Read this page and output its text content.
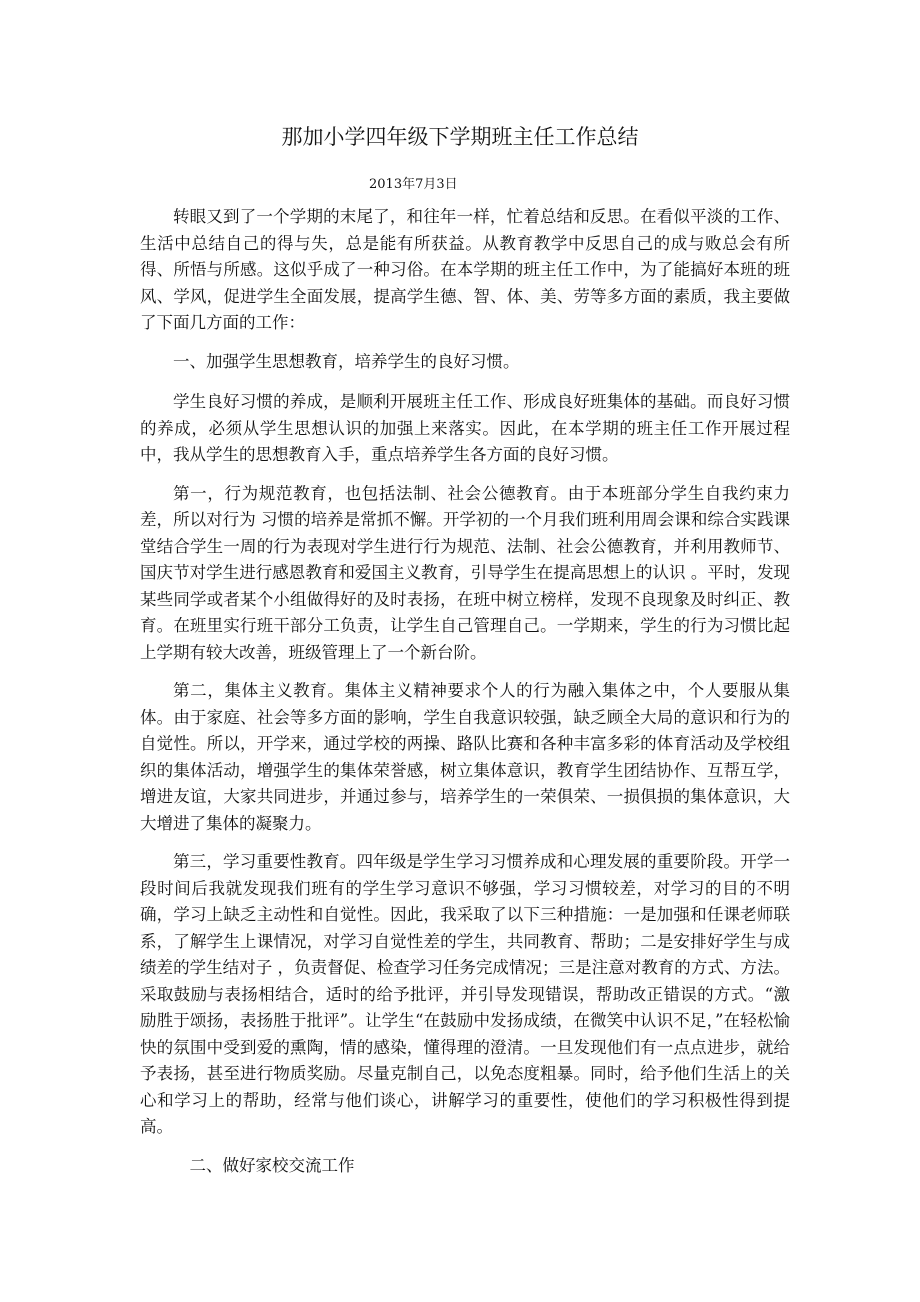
那加小学四年级下学期班主任工作总结
2013年7月3日

转眼又到了一个学期的末尾了，和往年一样，忙着总结和反思。在看似平淡的工作、生活中总结自己的得与失，总是能有所获益。从教育教学中反思自己的成与败总会有所得、所悟与所感。这似乎成了一种习俗。在本学期的班主任工作中，为了能搞好本班的班风、学风，促进学生全面发展，提高学生德、智、体、美、劳等多方面的素质，我主要做了下面几方面的工作：

一、加强学生思想教育，培养学生的良好习惯。

学生良好习惯的养成，是顺利开展班主任工作、形成良好班集体的基础。而良好习惯的养成，必须从学生思想认识的加强上来落实。因此，在本学期的班主任工作开展过程中，我从学生的思想教育入手，重点培养学生各方面的良好习惯。

第一，行为规范教育，也包括法制、社会公德教育。由于本班部分学生自我约束力差，所以对行为 习惯的培养是常抓不懈。开学初的一个月我们班利用周会课和综合实践课堂结合学生一周的行为表现对学生进行行为规范、法制、社会公德教育，并利用教师节、国庆节对学生进行感恩教育和爱国主义教育，引导学生在提高思想上的认识 。平时，发现某些同学或者某个小组做得好的及时表扬，在班中树立榜样，发现不良现象及时纠正、教育。在班里实行班干部分工负责，让学生自己管理自己。一学期来，学生的行为习惯比起上学期有较大改善，班级管理上了一个新台阶。

第二，集体主义教育。集体主义精神要求个人的行为融入集体之中，个人要服从集体。由于家庭、社会等多方面的影响，学生自我意识较强，缺乏顾全大局的意识和行为的自觉性。所以，开学来，通过学校的两操、路队比赛和各种丰富多彩的体育活动及学校组织的集体活动，增强学生的集体荣誉感，树立集体意识，教育学生团结协作、互帮互学，增进友谊，大家共同进步，并通过参与，培养学生的一荣俱荣、一损俱损的集体意识，大大增进了集体的凝聚力。

第三，学习重要性教育。四年级是学生学习习惯养成和心理发展的重要阶段。开学一段时间后我就发现我们班有的学生学习意识不够强，学习习惯较差，对学习的目的不明确，学习上缺乏主动性和自觉性。因此，我采取了以下三种措施：一是加强和任课老师联系，了解学生上课情况，对学习自觉性差的学生，共同教育、帮助；二是安排好学生与成绩差的学生结对子 ，负责督促、检查学习任务完成情况；三是注意对教育的方式、方法。采取鼓励与表扬相结合，适时的给予批评，并引导发现错误，帮助改正错误的方式。“激励胜于颂扬，表扬胜于批评”。让学生“在鼓励中发扬成绩，在微笑中认识不足，”在轻松愉快的氛围中受到爱的熏陶，情的感染，懂得理的澄清。一旦发现他们有一点点进步，就给予表扬，甚至进行物质奖励。尽量克制自己，以免态度粗暴。同时，给予他们生活上的关心和学习上的帮助，经常与他们谈心，讲解学习的重要性，使他们的学习积极性得到提高。

二、做好家校交流工作
